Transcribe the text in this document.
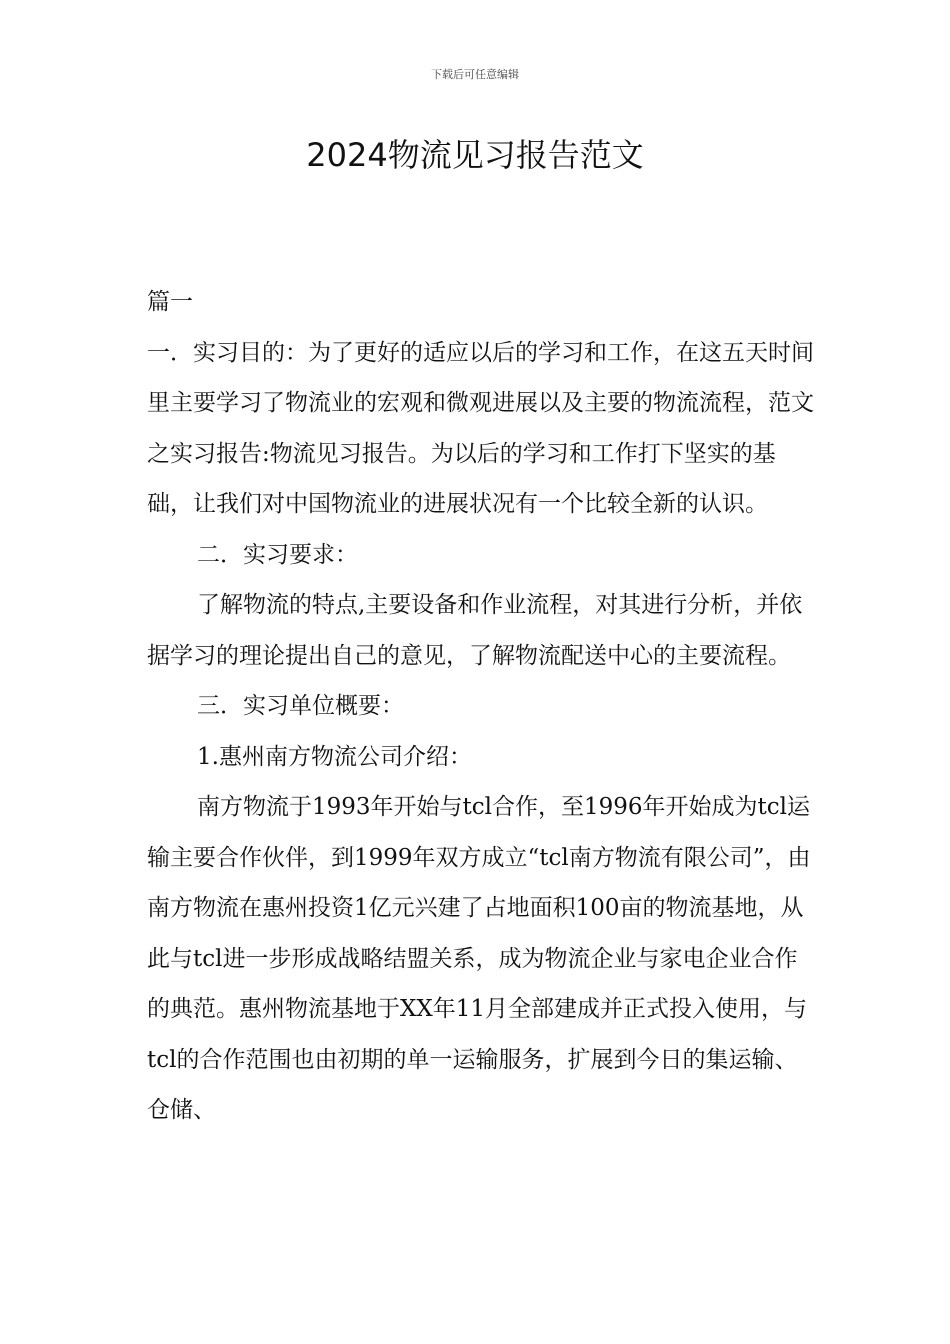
下载后可任意编辑
2024物流见习报告范文

篇一

一．实习目的：为了更好的适应以后的学习和工作，在这五天时间里主要学习了物流业的宏观和微观进展以及主要的物流流程，范文之实习报告:物流见习报告。为以后的学习和工作打下坚实的基础，让我们对中国物流业的进展状况有一个比较全新的认识。

二．实习要求：

了解物流的特点,主要设备和作业流程，对其进行分析，并依据学习的理论提出自己的意见，了解物流配送中心的主要流程。

三．实习单位概要：

1.惠州南方物流公司介绍：

南方物流于1993年开始与tcl合作，至1996年开始成为tcl运输主要合作伙伴，到1999年双方成立“tcl南方物流有限公司”，由南方物流在惠州投资1亿元兴建了占地面积100亩的物流基地，从此与tcl进一步形成战略结盟关系，成为物流企业与家电企业合作的典范。惠州物流基地于XX年11月全部建成并正式投入使用，与tcl的合作范围也由初期的单一运输服务，扩展到今日的集运输、仓储、
